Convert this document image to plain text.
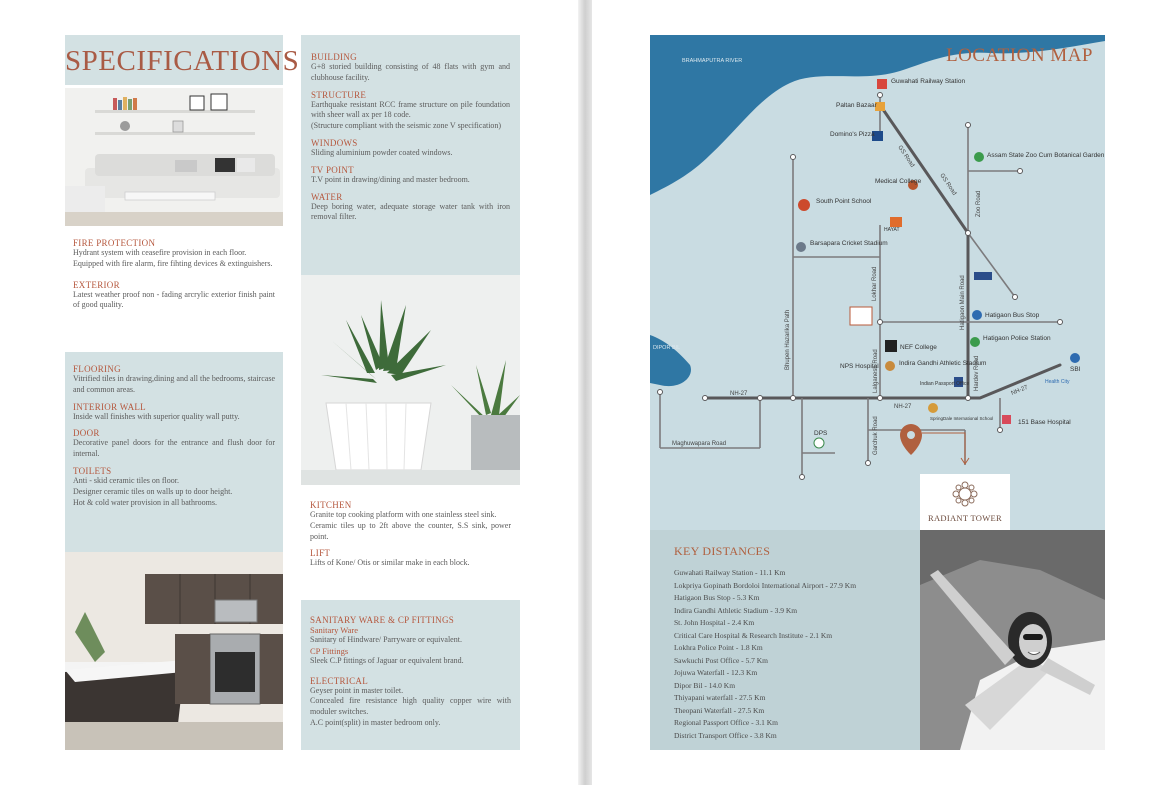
SPECIFICATIONS
FIRE PROTECTION
Hydrant system with ceasefire provision in each floor.
Equipped with fire alarm, fire fihting devices & extinguishers.
EXTERIOR
Latest weather proof non - fading arcrylic exterior finish paint of good quality.
FLOORING
Vitrified tiles in drawing,dining and all the bedrooms, staircase and common areas.
INTERIOR WALL
Inside wall finishes with superior quality wall putty.
DOOR
Decorative panel doors for the entrance and flush door for internal.
TOILETS
Anti - skid ceramic tiles on floor.
Designer ceramic tiles on walls up to door height.
Hot & cold water provision in all bathrooms.
BUILDING
G+8 storied building consisting of 48 flats with gym and clubhouse facility.
STRUCTURE
Earthquake resistant RCC frame structure on pile foundation with sheer wall ax per 18 code.
(Structure compliant with the seismic zone V specification)
WINDOWS
Sliding aluminium powder coated windows.
TV POINT
T.V point in drawing/dining and master bedroom.
WATER
Deep boring water, adequate storage water tank with iron removal filter.
KITCHEN
Granite top cooking platform with one stainless steel sink.
Ceramic tiles up to 2ft above the counter, S.S sink, power point.
LIFT
Lifts of Kone/ Otis or similar make in each block.
SANITARY WARE & CP FITTINGS
Sanitary Ware
Sanitary of Hindware/ Parryware or equivalent.
CP Fittings
Sleek C.P fittings of Jaguar or equivalent brand.
ELECTRICAL
Geyser point in master toilet.
Concealed fire resistance high quality copper wire with moduler switches.
A.C point(split) in master bedroom only.
BRAHMAPUTRA RIVER
DIPOR BIL
Guwahati Railway Station
Paltan Bazaar
Domino's Pizza
Assam State Zoo Cum Botanical Garden
Medical College
South Point School
HAYAT
Barsapara Cricket Stadium
Hatigaon Bus Stop
Hatigaon Police Station
NEF College
Indira Gandhi Athletic Stadium
NPS Hospital
Indian Passport Office
SpringDale International School
SBI
Health City
151 Base Hospital
DPS
NH-27
NH-27
NH-27
Maghuwapara Road
GS Road
GS Road
Zoo Road
Lokhar Road	Hatigaon Main Road
Bhupen Hazarika Path
Lalganesh Road
Garchuk Road
Hardev Road
LOCATION MAP
RADIANT TOWER
KEY DISTANCES
Guwahati Railway Station - 11.1 Km
Lokpriya Gopinath Bordoloi International Airport - 27.9 Km
Hatigaon Bus Stop - 5.3 Km
Indira Gandhi Athletic Stadium - 3.9 Km
St. John Hospital - 2.4 Km
Critical Care Hospital & Research Institute - 2.1 Km
Lokhra Police Point - 1.8 Km
Sawkuchi Post Office - 5.7 Km
Jojuwa Waterfall - 12.3 Km
Dipor Bil - 14.0 Km
Thiyapani waterfall - 27.5 Km
Theopani Waterfall - 27.5 Km
Regional Passport Office - 3.1 Km
District Transport Office - 3.8 Km
